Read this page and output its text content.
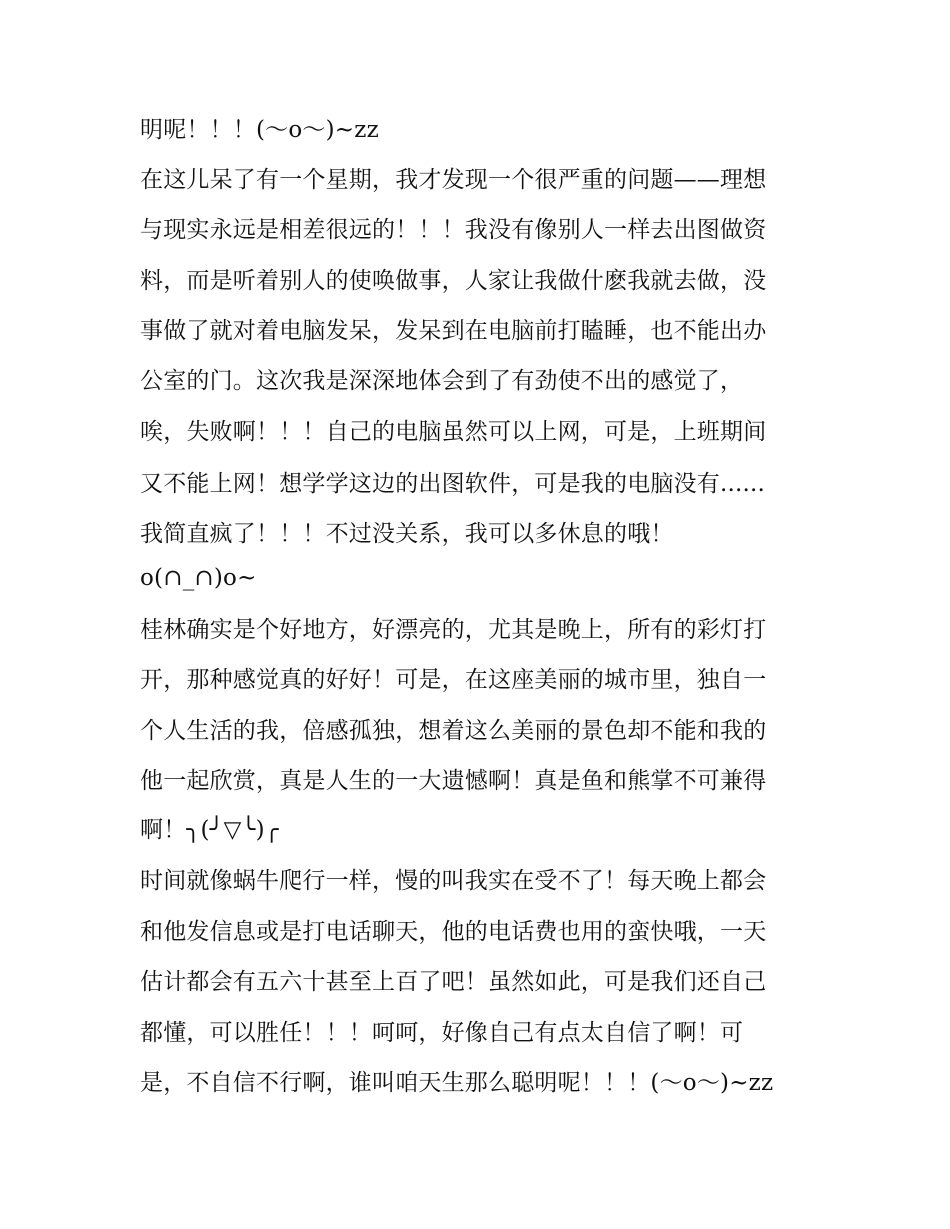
明呢！！！(～o～)~zz
在这儿呆了有一个星期，我才发现一个很严重的问题——理想
与现实永远是相差很远的！！！我没有像别人一样去出图做资
料，而是听着别人的使唤做事，人家让我做什麽我就去做，没
事做了就对着电脑发呆，发呆到在电脑前打瞌睡，也不能出办
公室的门。这次我是深深地体会到了有劲使不出的感觉了，
唉，失败啊！！！自己的电脑虽然可以上网，可是，上班期间
又不能上网！想学学这边的出图软件，可是我的电脑没有......
我简直疯了！！！不过没关系，我可以多休息的哦！
o(∩_∩)o~
桂林确实是个好地方，好漂亮的，尤其是晚上，所有的彩灯打
开，那种感觉真的好好！可是，在这座美丽的城市里，独自一
个人生活的我，倍感孤独，想着这么美丽的景色却不能和我的
他一起欣赏，真是人生的一大遗憾啊！真是鱼和熊掌不可兼得
啊！╮(╯▽╰)╭
时间就像蜗牛爬行一样，慢的叫我实在受不了！每天晚上都会
和他发信息或是打电话聊天，他的电话费也用的蛮快哦，一天
估计都会有五六十甚至上百了吧！虽然如此，可是我们还自己
都懂，可以胜任！！！呵呵，好像自己有点太自信了啊！可
是，不自信不行啊，谁叫咱天生那么聪明呢！！！(～o～)~zz
